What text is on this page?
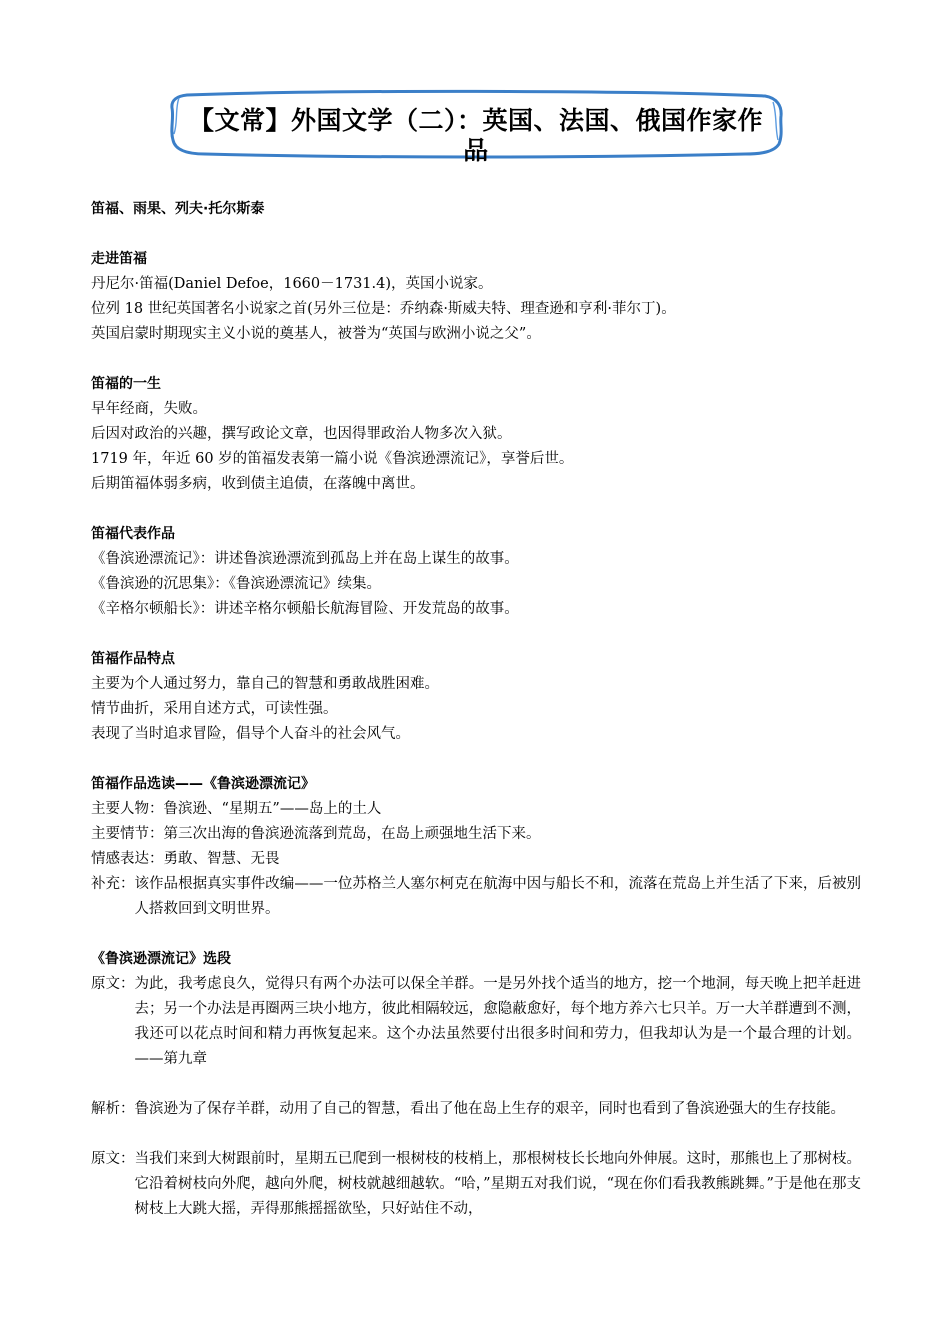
【文常】外国文学（二）：英国、法国、俄国作家作品
笛福、雨果、列夫·托尔斯泰
走进笛福
丹尼尔·笛福(Daniel Defoe，1660－1731.4)，英国小说家。
位列 18 世纪英国著名小说家之首(另外三位是：乔纳森·斯威夫特、理查逊和亨利·菲尔丁)。
英国启蒙时期现实主义小说的奠基人，被誉为“英国与欧洲小说之父”。
笛福的一生
早年经商，失败。
后因对政治的兴趣，撰写政论文章，也因得罪政治人物多次入狱。
1719 年，年近 60 岁的笛福发表第一篇小说《鲁滨逊漂流记》，享誉后世。
后期笛福体弱多病，收到债主追债，在落魄中离世。
笛福代表作品
《鲁滨逊漂流记》：讲述鲁滨逊漂流到孤岛上并在岛上谋生的故事。
《鲁滨逊的沉思集》：《鲁滨逊漂流记》续集。
《辛格尔顿船长》：讲述辛格尔顿船长航海冒险、开发荒岛的故事。
笛福作品特点
主要为个人通过努力，靠自己的智慧和勇敢战胜困难。
情节曲折，采用自述方式，可读性强。
表现了当时追求冒险，倡导个人奋斗的社会风气。
笛福作品选读——《鲁滨逊漂流记》
主要人物：鲁滨逊、“星期五”——岛上的土人
主要情节：第三次出海的鲁滨逊流落到荒岛，在岛上顽强地生活下来。
情感表达：勇敢、智慧、无畏
补充： 该作品根据真实事件改编——一位苏格兰人塞尔柯克在航海中因与船长不和，流落在荒岛上并生活了下来，后被别人搭救回到文明世界。
《鲁滨逊漂流记》选段
原文： 为此，我考虑良久，觉得只有两个办法可以保全羊群。一是另外找个适当的地方，挖一个地洞，每天晚上把羊赶进去；另一个办法是再圈两三块小地方，彼此相隔较远，愈隐蔽愈好，每个地方养六七只羊。万一大羊群遭到不测，我还可以花点时间和精力再恢复起来。这个办法虽然要付出很多时间和劳力，但我却认为是一个最合理的计划。——第九章
解析： 鲁滨逊为了保存羊群，动用了自己的智慧，看出了他在岛上生存的艰辛，同时也看到了鲁滨逊强大的生存技能。
原文： 当我们来到大树跟前时，星期五已爬到一根树枝的枝梢上，那根树枝长长地向外伸展。这时，那熊也上了那树枝。它沿着树枝向外爬，越向外爬，树枝就越细越软。“哈，”星期五对我们说，“现在你们看我教熊跳舞。”于是他在那支树枝上大跳大摇，弄得那熊摇摇欲坠，只好站住不动，
